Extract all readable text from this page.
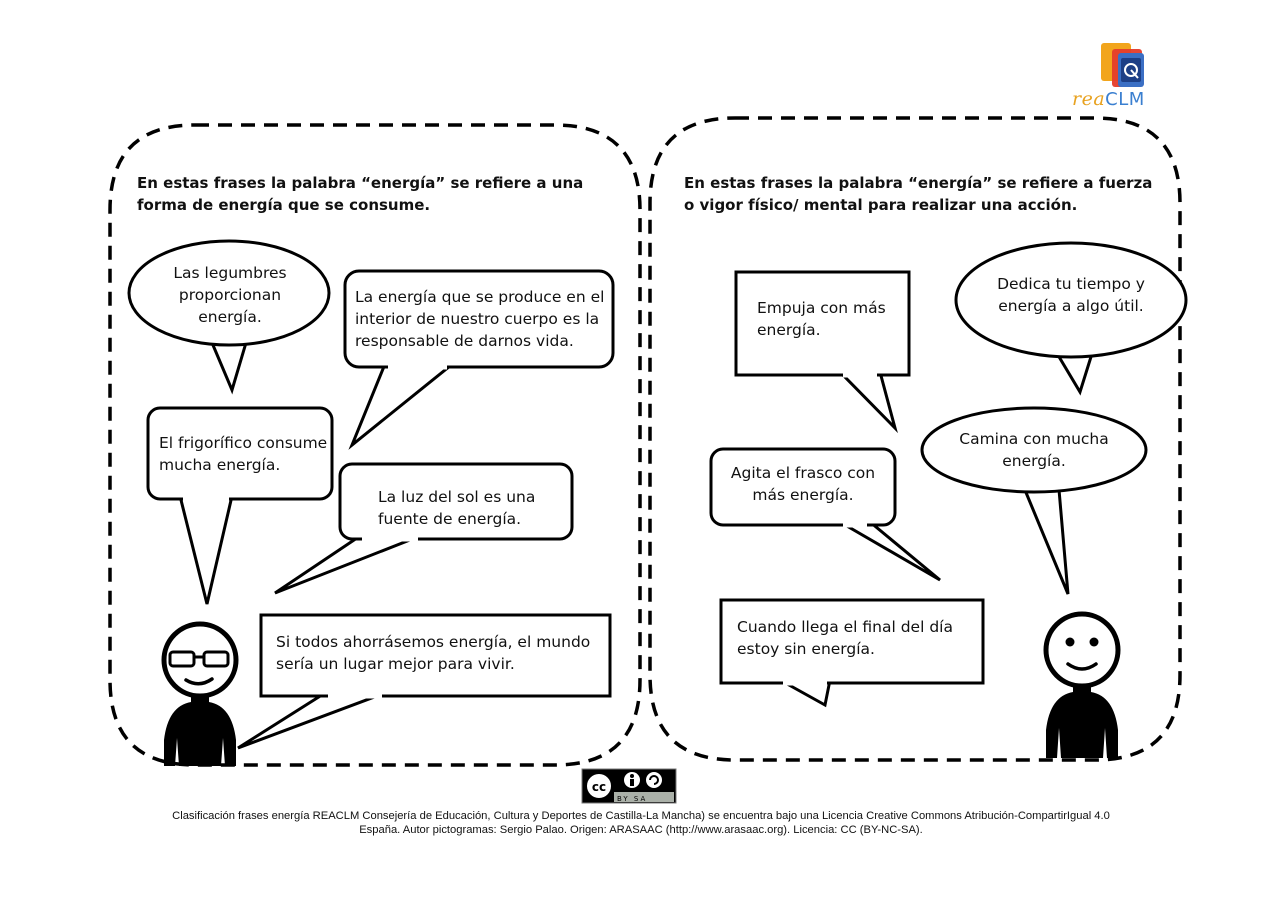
cc
reaCLM
En estas frases la palabra “energía” se refiere a una forma de energía que se consume.
En estas frases la palabra “energía” se refiere a fuerza o vigor físico/ mental para realizar una acción.
Las legumbres proporcionan energía.
La energía que se produce en el interior de nuestro cuerpo es la responsable de darnos vida.
El frigorífico consume mucha energía.
La luz del sol es una fuente de energía.
Si todos ahorrásemos energía, el mundo sería un lugar mejor para vivir.
Empuja con más energía.
Dedica tu tiempo y energía a algo útil.
Camina con mucha energía.
Agita el frasco con más energía.
Cuando llega el final del día estoy sin energía.
BY SA
Clasificación frases energía REACLM Consejería de Educación, Cultura y Deportes de Castilla-La Mancha) se encuentra bajo una Licencia Creative Commons Atribución-CompartirIgual 4.0
España. Autor pictogramas: Sergio Palao. Origen: ARASAAC (http://www.arasaac.org). Licencia: CC (BY-NC-SA).
